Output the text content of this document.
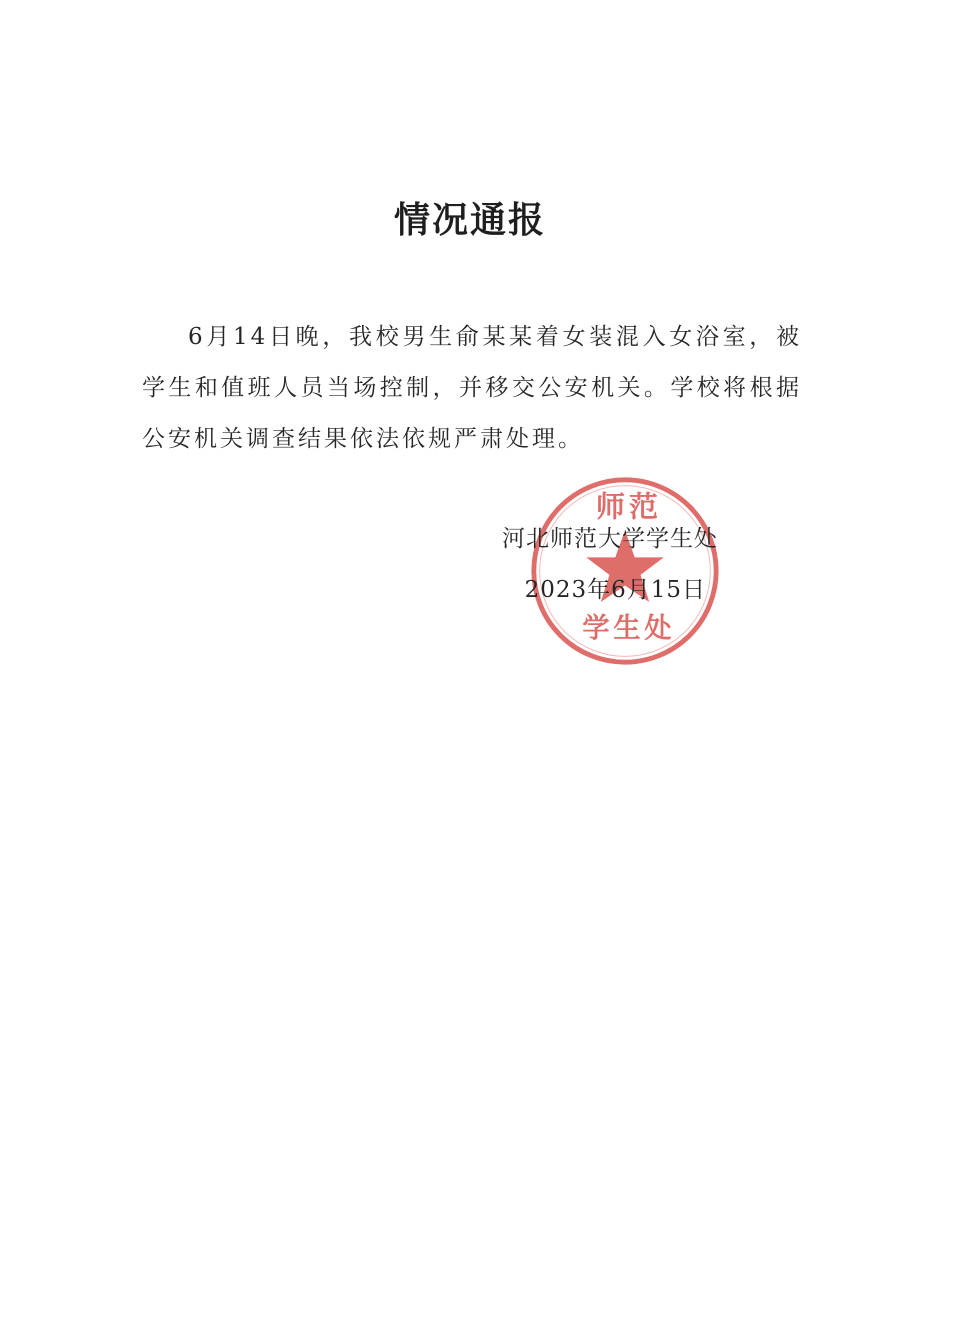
情况通报

6月14日晚，我校男生俞某某着女装混入女浴室，被学生和值班人员当场控制，并移交公安机关。学校将根据公安机关调查结果依法依规严肃处理。

师范
学生处
河北师范大学学生处
2023年6月15日
